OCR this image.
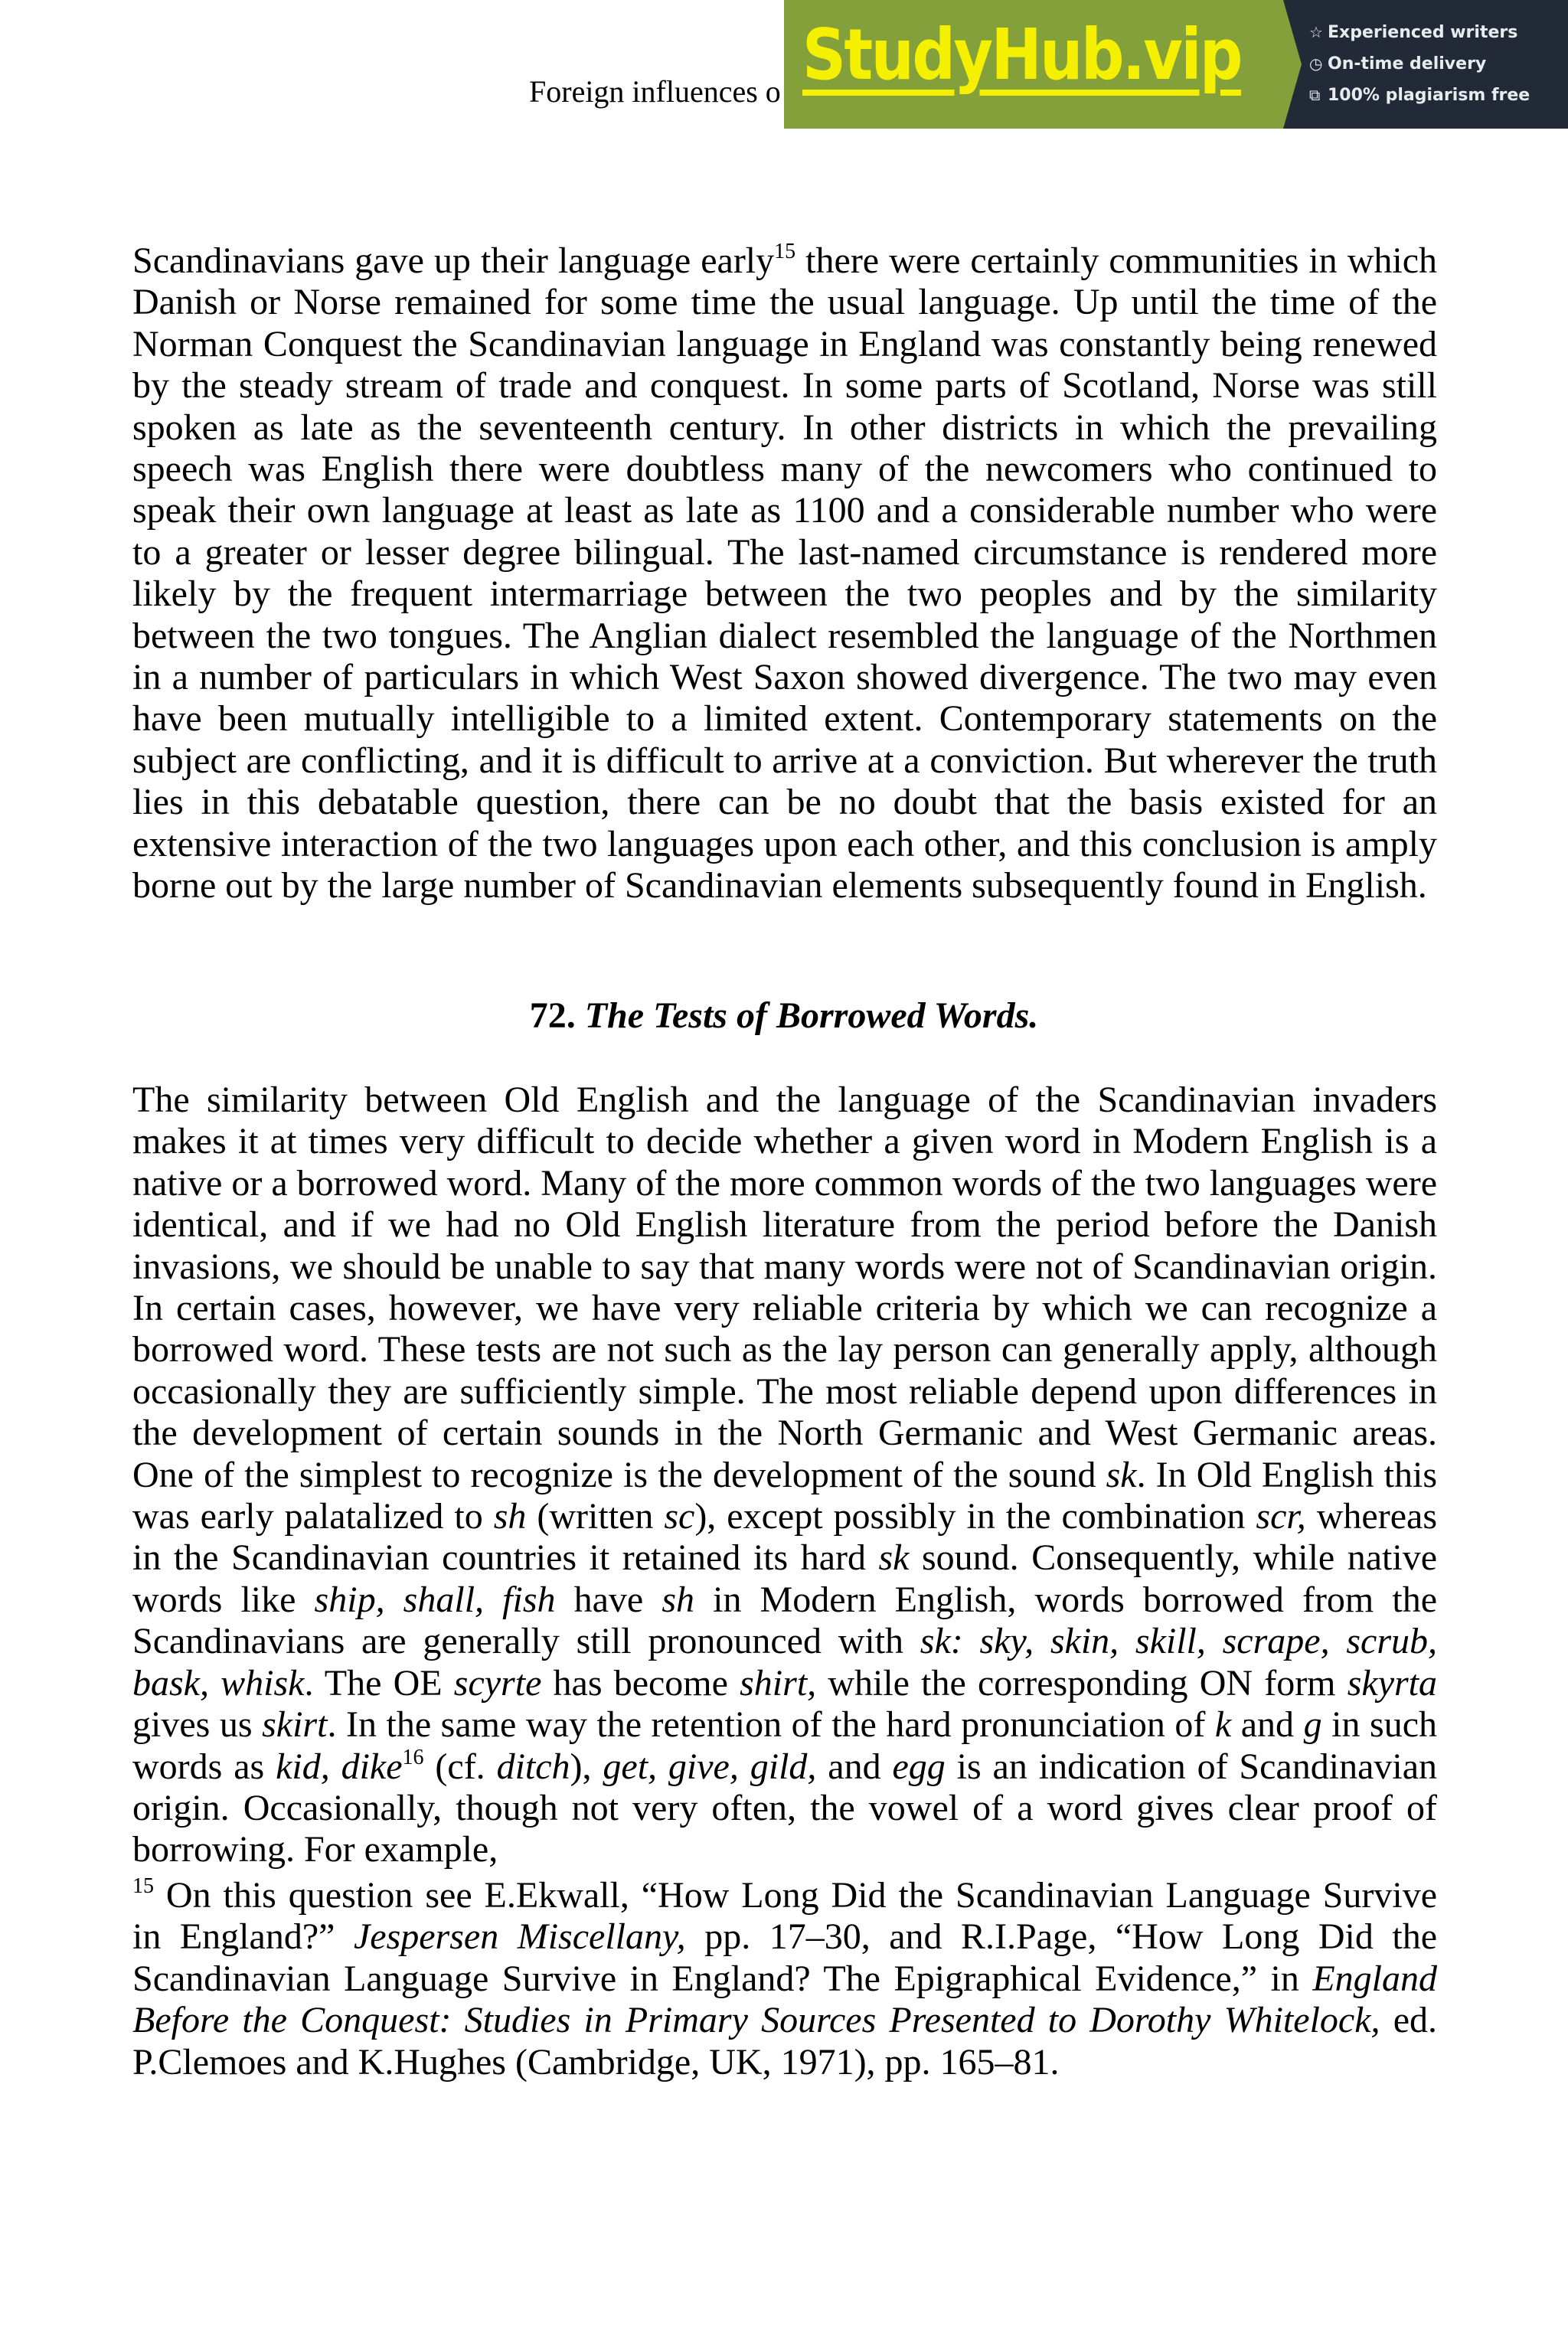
Foreign influences o StudyHub.vip	☆ Experienced writers
◷ On-time delivery
⧉ 100% plagiarism free

Scandinavians gave up their language early$^{15}$ there were certainly communities in which Danish or Norse remained for some time the usual language. Up until the time of the Norman Conquest the Scandinavian language in England was constantly being renewed by the steady stream of trade and conquest. In some parts of Scotland, Norse was still spoken as late as the seventeenth century. In other districts in which the prevailing speech was English there were doubtless many of the newcomers who continued to speak their own language at least as late as 1100 and a considerable number who were to a greater or lesser degree bilingual. The last-named circumstance is rendered more likely by the frequent intermarriage between the two peoples and by the similarity between the two tongues. The Anglian dialect resembled the language of the Northmen in a number of particulars in which West Saxon showed divergence. The two may even have been mutually intelligible to a limited extent. Contemporary statements on the subject are conflicting, and it is difficult to arrive at a conviction. But wherever the truth lies in this debatable question, there can be no doubt that the basis existed for an extensive interaction of the two languages upon each other, and this conclusion is amply borne out by the large number of Scandinavian elements subsequently found in English.

72. The Tests of Borrowed Words.

The similarity between Old English and the language of the Scandinavian invaders makes it at times very difficult to decide whether a given word in Modern English is a native or a borrowed word. Many of the more common words of the two languages were identical, and if we had no Old English literature from the period before the Danish invasions, we should be unable to say that many words were not of Scandinavian origin. In certain cases, however, we have very reliable criteria by which we can recognize a borrowed word. These tests are not such as the lay person can generally apply, although occasionally they are sufficiently simple. The most reliable depend upon differences in the development of certain sounds in the North Germanic and West Germanic areas. One of the simplest to recognize is the development of the sound sk. In Old English this was early palatalized to sh (written sc), except possibly in the combination scr, whereas in the Scandinavian countries it retained its hard sk sound. Consequently, while native words like ship, shall, fish have sh in Modern English, words borrowed from the Scandinavians are generally still pronounced with sk: sky, skin, skill, scrape, scrub, bask, whisk. The OE scyrte has become shirt, while the corresponding ON form skyrta gives us skirt. In the same way the retention of the hard pronunciation of k and g in such words as kid, dike$^{16}$ (cf. ditch), get, give, gild, and egg is an indication of Scandinavian origin. Occasionally, though not very often, the vowel of a word gives clear proof of borrowing. For example,

$^{15}$ On this question see E.Ekwall, “How Long Did the Scandinavian Language Survive in England?” Jespersen Miscellany, pp. 17–30, and R.I.Page, “How Long Did the Scandinavian Language Survive in England? The Epigraphical Evidence,” in England Before the Conquest: Studies in Primary Sources Presented to Dorothy Whitelock, ed. P.Clemoes and K.Hughes (Cambridge, UK, 1971), pp. 165–81.
